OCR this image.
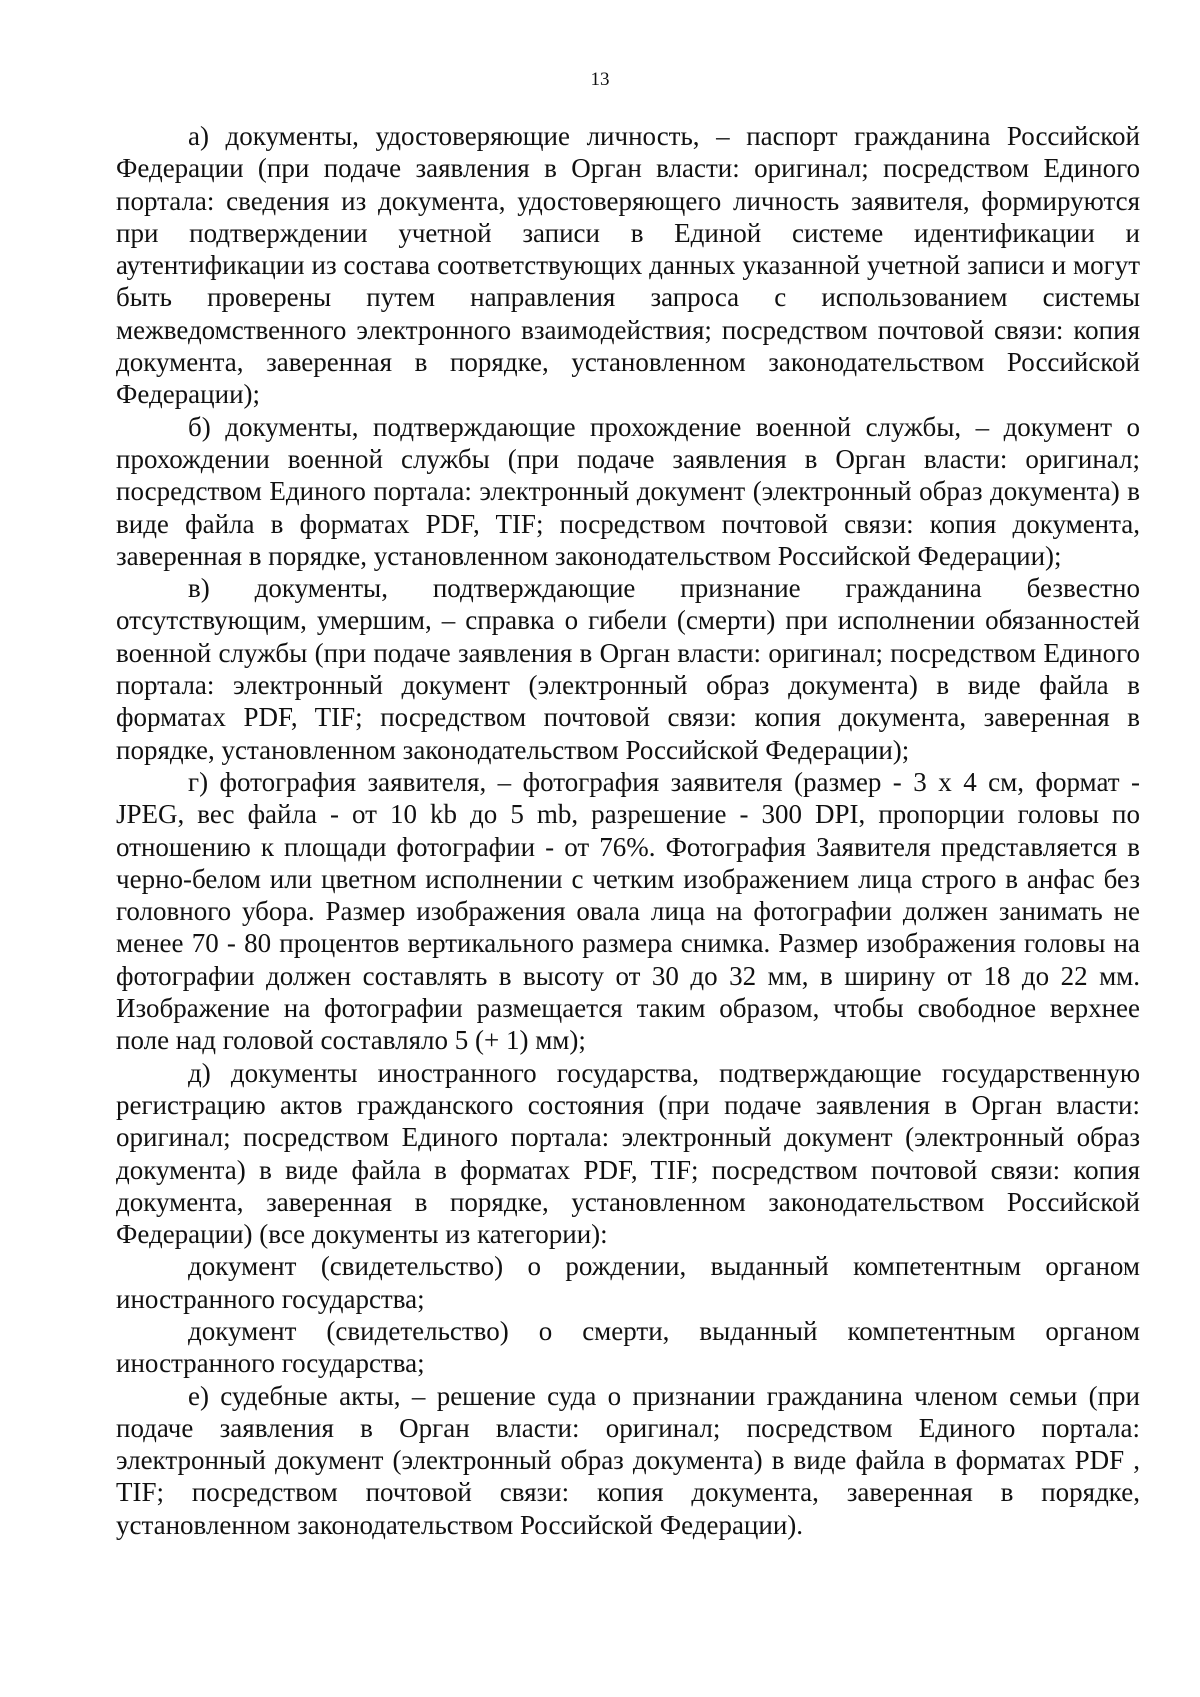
13

а) документы, удостоверяющие личность, – паспорт гражданина Российской Федерации (при подаче заявления в Орган власти: оригинал; посредством Единого портала: сведения из документа, удостоверяющего личность заявителя, формируются при подтверждении учетной записи в Единой системе идентификации и аутентификации из состава соответствующих данных указанной учетной записи и могут быть проверены путем направления запроса с использованием системы межведомственного электронного взаимодействия; посредством почтовой связи: копия документа, заверенная в порядке, установленном законодательством Российской Федерации);

б) документы, подтверждающие прохождение военной службы, – документ о прохождении военной службы (при подаче заявления в Орган власти: оригинал; посредством Единого портала: электронный документ (электронный образ документа) в виде файла в форматах PDF, TIF; посредством почтовой связи: копия документа, заверенная в порядке, установленном законодательством Российской Федерации);

в) документы, подтверждающие признание гражданина безвестно отсутствующим, умершим, – справка о гибели (смерти) при исполнении обязанностей военной службы (при подаче заявления в Орган власти: оригинал; посредством Единого портала: электронный документ (электронный образ документа) в виде файла в форматах PDF, TIF; посредством почтовой связи: копия документа, заверенная в порядке, установленном законодательством Российской Федерации);

г) фотография заявителя, – фотография заявителя (размер - 3 х 4 см, формат - JPEG, вес файла - от 10 kb до 5 mb, разрешение - 300 DPI, пропорции головы по отношению к площади фотографии - от 76%. Фотография Заявителя представляется в черно-белом или цветном исполнении с четким изображением лица строго в анфас без головного убора. Размер изображения овала лица на фотографии должен занимать не менее 70 - 80 процентов вертикального размера снимка. Размер изображения головы на фотографии должен составлять в высоту от 30 до 32 мм, в ширину от 18 до 22 мм. Изображение на фотографии размещается таким образом, чтобы свободное верхнее поле над головой составляло 5 (+ 1) мм);

д) документы иностранного государства, подтверждающие государственную регистрацию актов гражданского состояния (при подаче заявления в Орган власти: оригинал; посредством Единого портала: электронный документ (электронный образ документа) в виде файла в форматах PDF, TIF; посредством почтовой связи: копия документа, заверенная в порядке, установленном законодательством Российской Федерации) (все документы из категории):

документ (свидетельство) о рождении, выданный компетентным органом иностранного государства;

документ (свидетельство) о смерти, выданный компетентным органом иностранного государства;

е) судебные акты, – решение суда о признании гражданина членом семьи (при подаче заявления в Орган власти: оригинал; посредством Единого портала: электронный документ (электронный образ документа) в виде файла в форматах PDF , TIF; посредством почтовой связи: копия документа, заверенная в порядке, установленном законодательством Российской Федерации).
